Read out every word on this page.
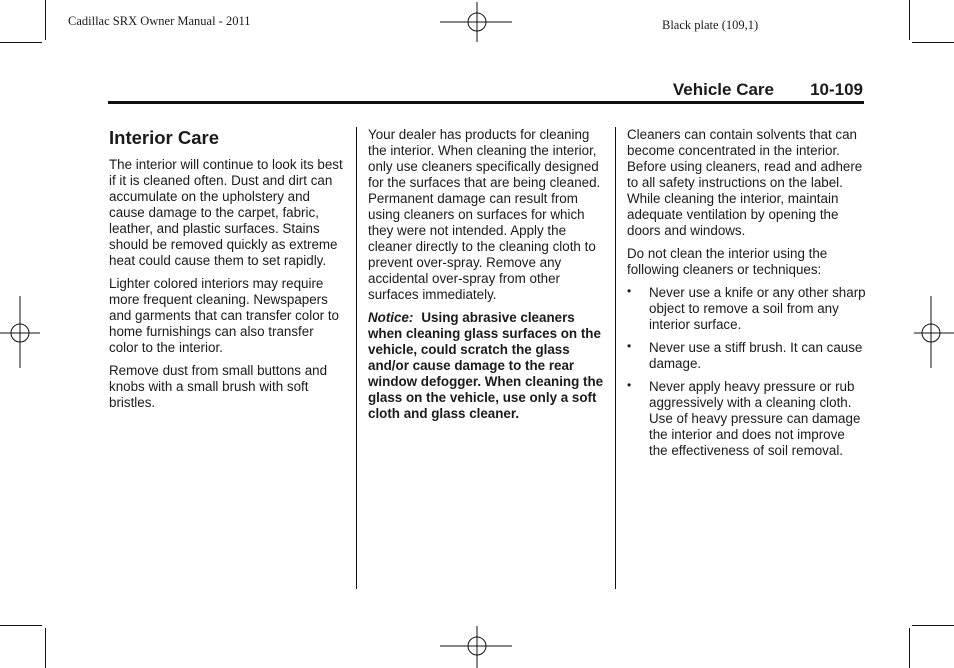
Cadillac SRX Owner Manual - 2011	Black plate (109,1)
Vehicle Care 10-109
Interior Care

The interior will continue to look its best if it is cleaned often. Dust and dirt can accumulate on the upholstery and cause damage to the carpet, fabric, leather, and plastic surfaces. Stains should be removed quickly as extreme heat could cause them to set rapidly.

Lighter colored interiors may require more frequent cleaning. Newspapers and garments that can transfer color to home furnishings can also transfer color to the interior.

Remove dust from small buttons and knobs with a small brush with soft bristles.

Your dealer has products for cleaning the interior. When cleaning the interior, only use cleaners specifically designed for the surfaces that are being cleaned. Permanent damage can result from using cleaners on surfaces for which they were not intended. Apply the cleaner directly to the cleaning cloth to prevent over-spray. Remove any accidental over-spray from other surfaces immediately.

Notice: Using abrasive cleaners when cleaning glass surfaces on the vehicle, could scratch the glass and/or cause damage to the rear window defogger. When cleaning the glass on the vehicle, use only a soft cloth and glass cleaner.

Cleaners can contain solvents that can become concentrated in the interior. Before using cleaners, read and adhere to all safety instructions on the label. While cleaning the interior, maintain adequate ventilation by opening the doors and windows.

Do not clean the interior using the following cleaners or techniques:

• Never use a knife or any other sharp object to remove a soil from any interior surface.
• Never use a stiff brush. It can cause damage.
• Never apply heavy pressure or rub aggressively with a cleaning cloth. Use of heavy pressure can damage the interior and does not improve the effectiveness of soil removal.
